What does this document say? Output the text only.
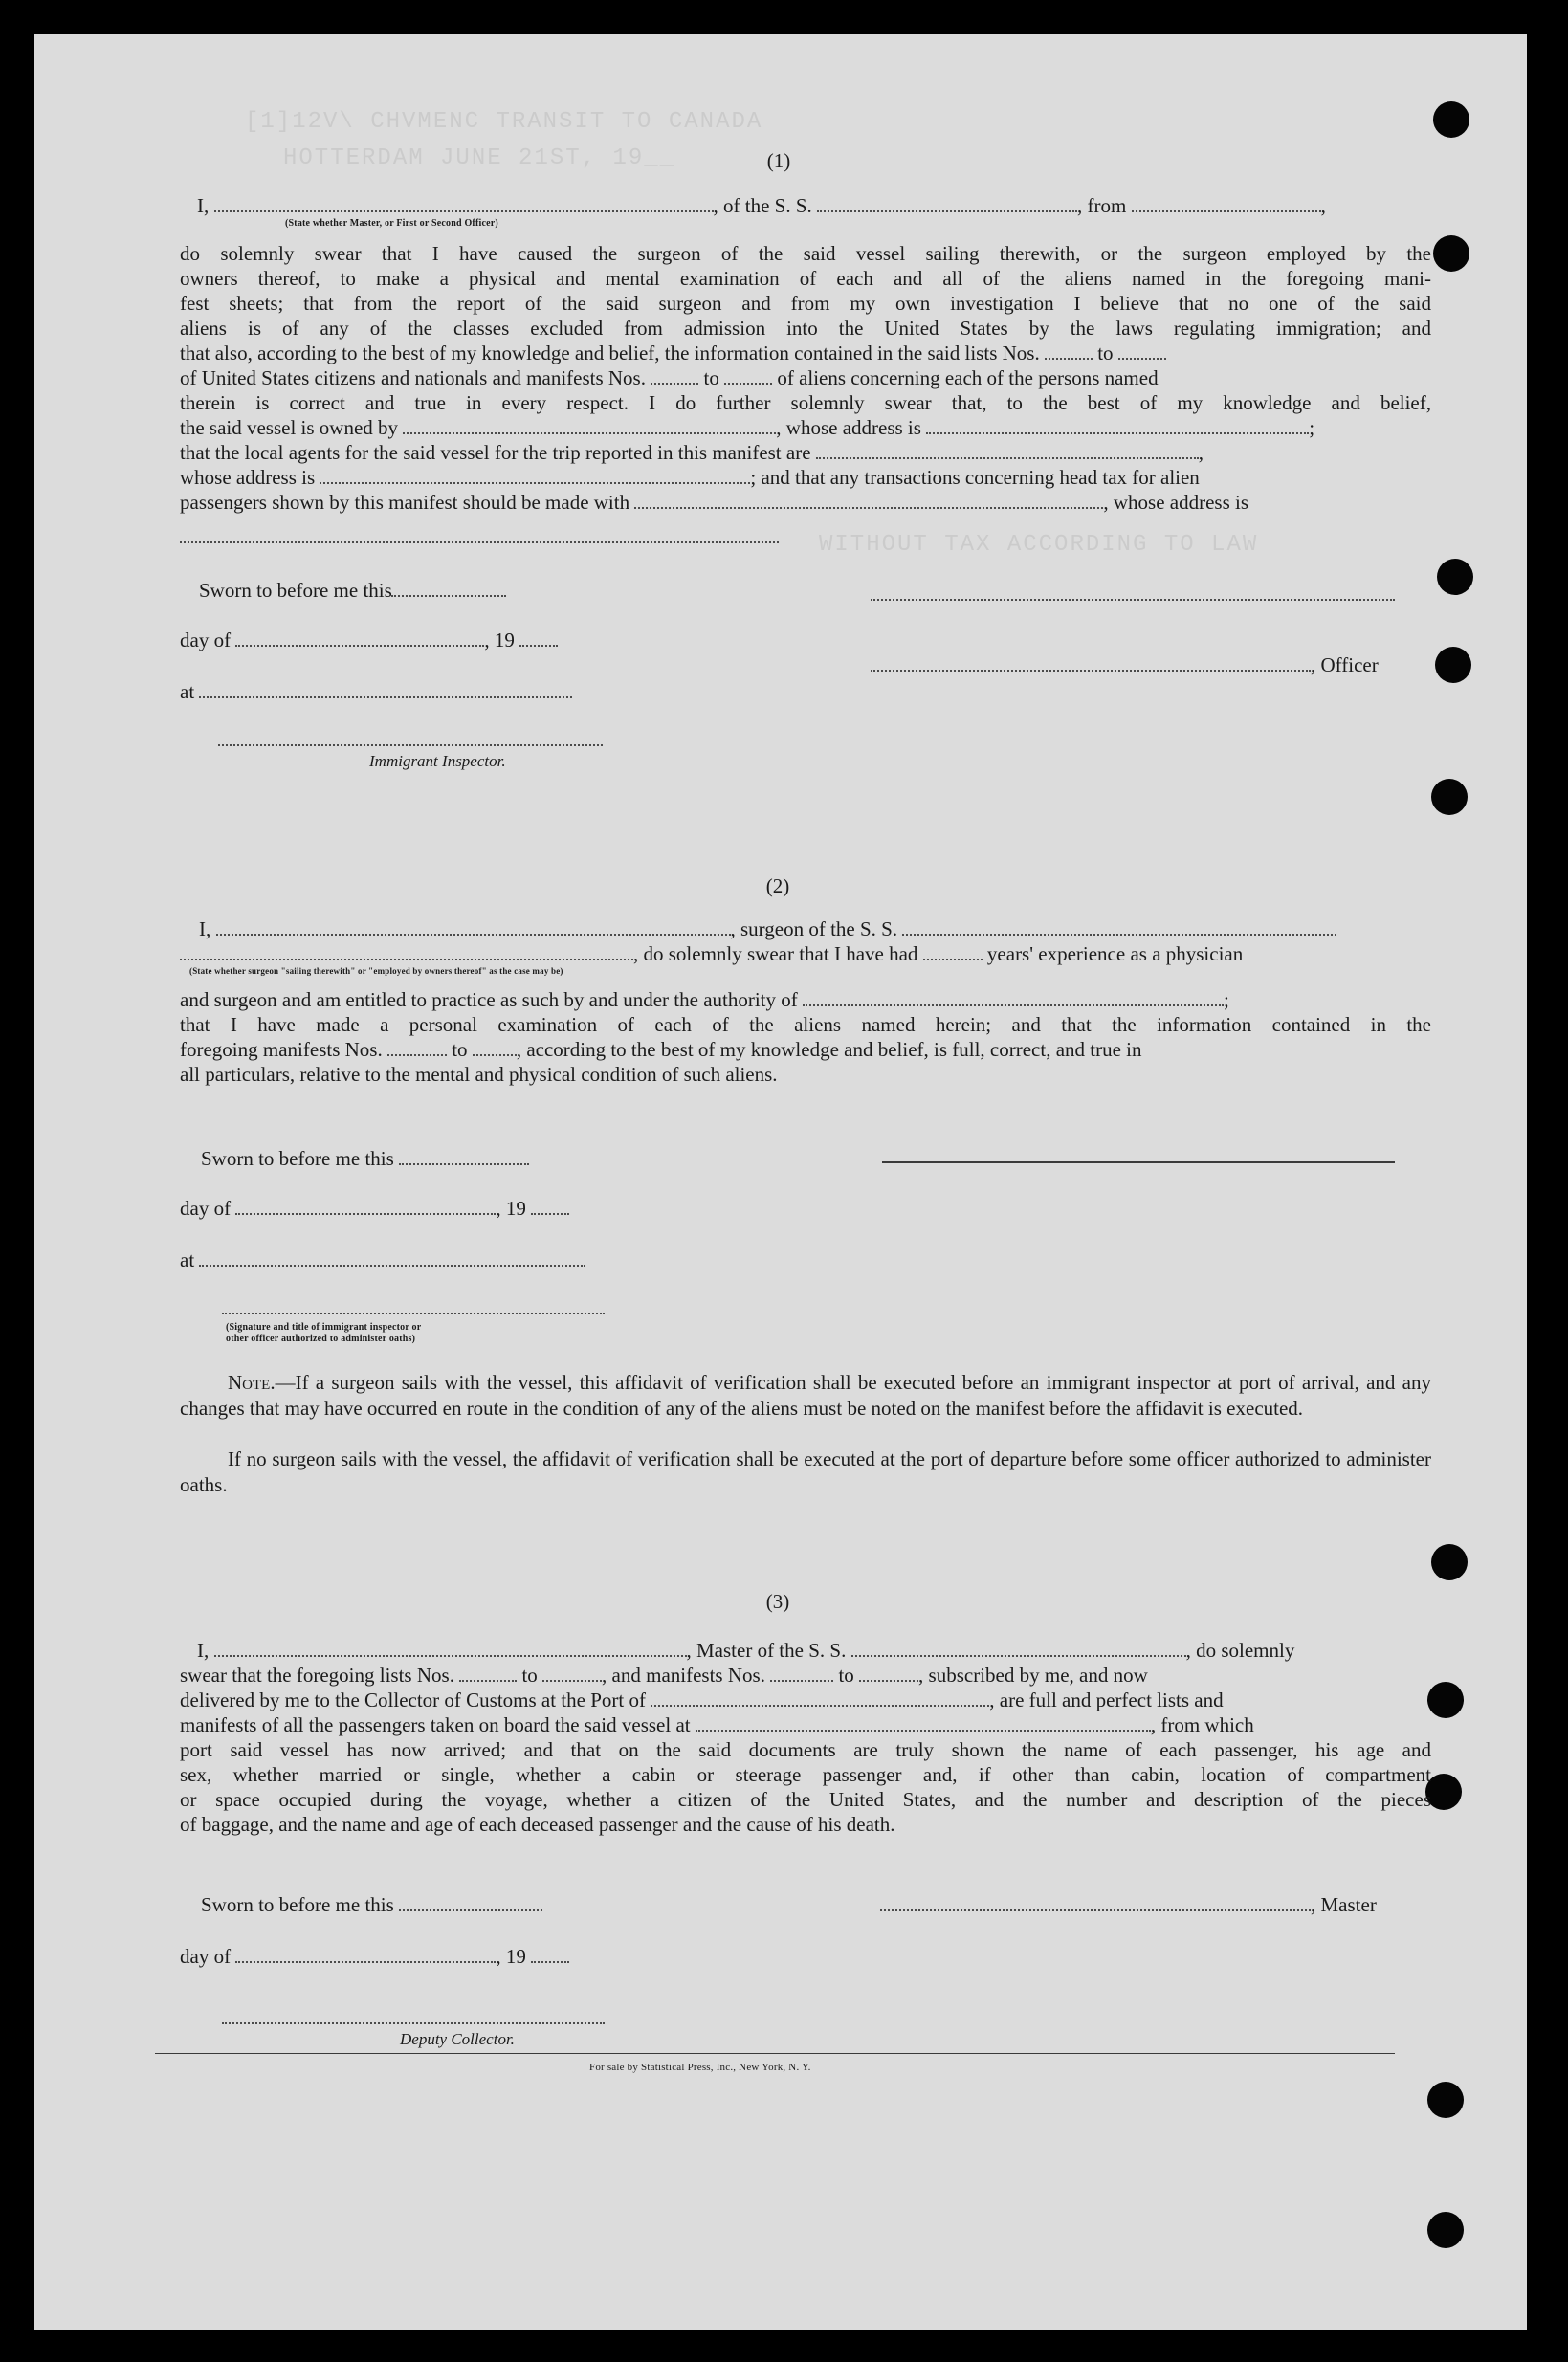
[1]12V\ CHVMENC TRANSIT TO CANADA
HOTTERDAM JUNE 21ST, 19__
WITHOUT TAX ACCORDING TO LAW
(1)
I,	, of the S. S.	, from	,
(State whether Master, or First or Second Officer)
do solemnly swear that I have caused the surgeon of the said vessel sailing therewith, or the surgeon employed by the
owners thereof, to make a physical and mental examination of each and all of the aliens named in the foregoing mani-
fest sheets; that from the report of the said surgeon and from my own investigation I believe that no one of the said
aliens is of any of the classes excluded from admission into the United States by the laws regulating immigration; and
that also, according to the best of my knowledge and belief, the information contained in the said lists Nos.	to
of United States citizens and nationals and manifests Nos.	to	of aliens concerning each of the persons named
therein is correct and true in every respect. I do further solemnly swear that, to the best of my knowledge and belief,
the said vessel is owned by	, whose address is	;
that the local agents for the said vessel for the trip reported in this manifest are	,
whose address is	; and that any transactions concerning head tax for alien
passengers shown by this manifest should be made with	, whose address is
Sworn to before me this
day of	, 19
, Officer
at
Immigrant Inspector.
(2)
I,	, surgeon of the S. S.
, do solemnly swear that I have had	years' experience as a physician
(State whether surgeon "sailing therewith" or "employed by owners thereof" as the case may be)
and surgeon and am entitled to practice as such by and under the authority of	;
that I have made a personal examination of each of the aliens named herein; and that the information contained in the
foregoing manifests Nos.	to , according to the best of my knowledge and belief, is full, correct, and true in
all particulars, relative to the mental and physical condition of such aliens.
Sworn to before me this
day of	, 19
at
(Signature and title of immigrant inspector or
other officer authorized to administer oaths)
Note.—If a surgeon sails with the vessel, this affidavit of verification shall be executed before an immigrant inspector at port of arrival, and any changes that may have occurred en route in the condition of any of the aliens must be noted on the manifest before the affidavit is executed.
If no surgeon sails with the vessel, the affidavit of verification shall be executed at the port of departure before some officer authorized to administer oaths.
(3)
I,	, Master of the S. S.	, do solemnly
swear that the foregoing lists Nos.	to	, and manifests Nos.	to	, subscribed by me, and now
delivered by me to the Collector of Customs at the Port of	, are full and perfect lists and
manifests of all the passengers taken on board the said vessel at	, from which
port said vessel has now arrived; and that on the said documents are truly shown the name of each passenger, his age and
sex, whether married or single, whether a cabin or steerage passenger and, if other than cabin, location of compartment
or space occupied during the voyage, whether a citizen of the United States, and the number and description of the pieces
of baggage, and the name and age of each deceased passenger and the cause of his death.
Sworn to before me this	, Master
day of	, 19
Deputy Collector.
For sale by Statistical Press, Inc., New York, N. Y.
